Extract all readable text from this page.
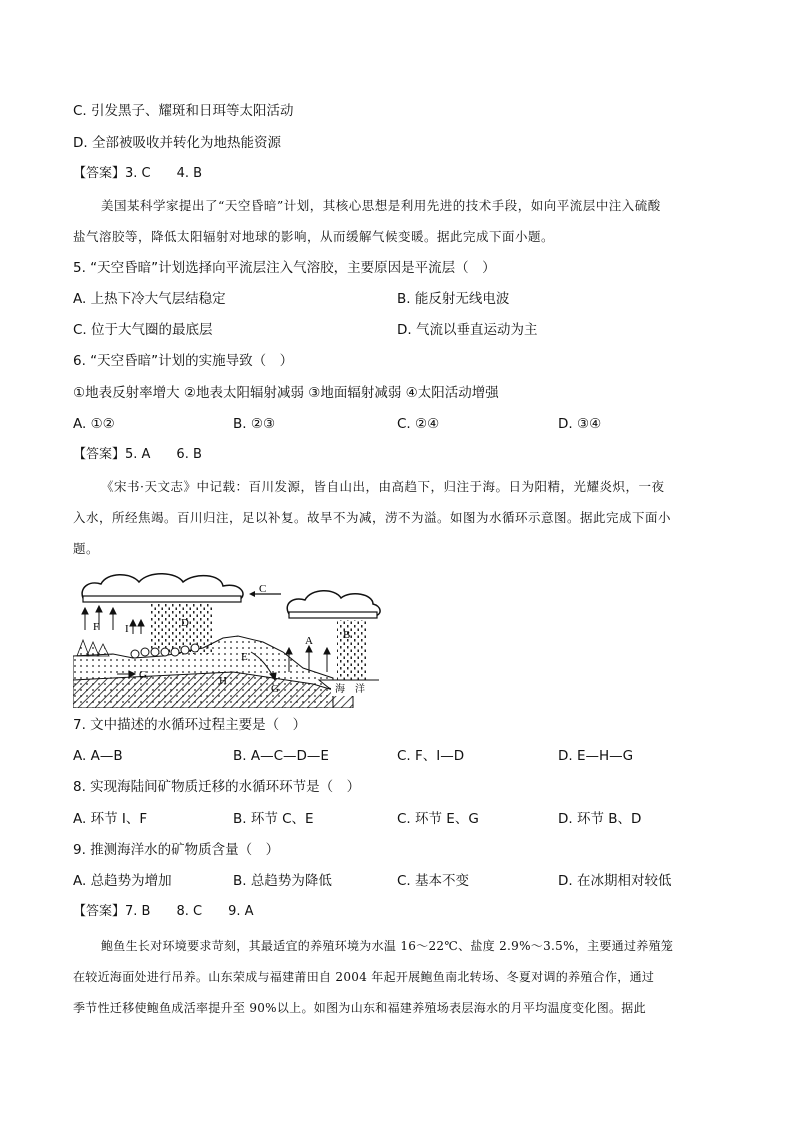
C. 引发黑子、耀斑和日珥等太阳活动
D. 全部被吸收并转化为地热能资源
【答案】3. C　　4. B
美国某科学家提出了“天空昏暗”计划，其核心思想是利用先进的技术手段，如向平流层中注入硫酸
盐气溶胶等，降低太阳辐射对地球的影响，从而缓解气候变暖。据此完成下面小题。
5. “天空昏暗”计划选择向平流层注入气溶胶，主要原因是平流层（　）
A. 上热下冷大气层结稳定	B. 能反射无线电波
C. 位于大气圈的最底层	D. 气流以垂直运动为主
6. “天空昏暗”计划的实施导致（　）
①地表反射率增大 ②地表太阳辐射减弱 ③地面辐射减弱 ④太阳活动增强
A. ①②	B. ②③	C. ②④	D. ③④
【答案】5. A　　6. B
《宋书·天文志》中记载：百川发源，皆自山出，由高趋下，归注于海。日为阳精，光耀炎炽，一夜
入水，所经焦竭。百川归注，足以补复。故旱不为减，涝不为溢。如图为水循环示意图。据此完成下面小
题。
F I	D
C
A	B
E
G	H
G	海　洋
7. 文中描述的水循环过程主要是（　）
A. A—B	B. A—C—D—E	C. F、I—D	D. E—H—G
8. 实现海陆间矿物质迁移的水循环环节是（　）
A. 环节 I、F	B. 环节 C、E	C. 环节 E、G	D. 环节 B、D
9. 推测海洋水的矿物质含量（　）
A. 总趋势为增加	B. 总趋势为降低	C. 基本不变	D. 在冰期相对较低
【答案】7. B　　8. C　　9. A
鲍鱼生长对环境要求苛刻，其最适宜的养殖环境为水温 16～22℃、盐度 2.9%～3.5%，主要通过养殖笼
在较近海面处进行吊养。山东荣成与福建莆田自 2004 年起开展鲍鱼南北转场、冬夏对调的养殖合作，通过
季节性迁移使鲍鱼成活率提升至 90%以上。如图为山东和福建养殖场表层海水的月平均温度变化图。据此
